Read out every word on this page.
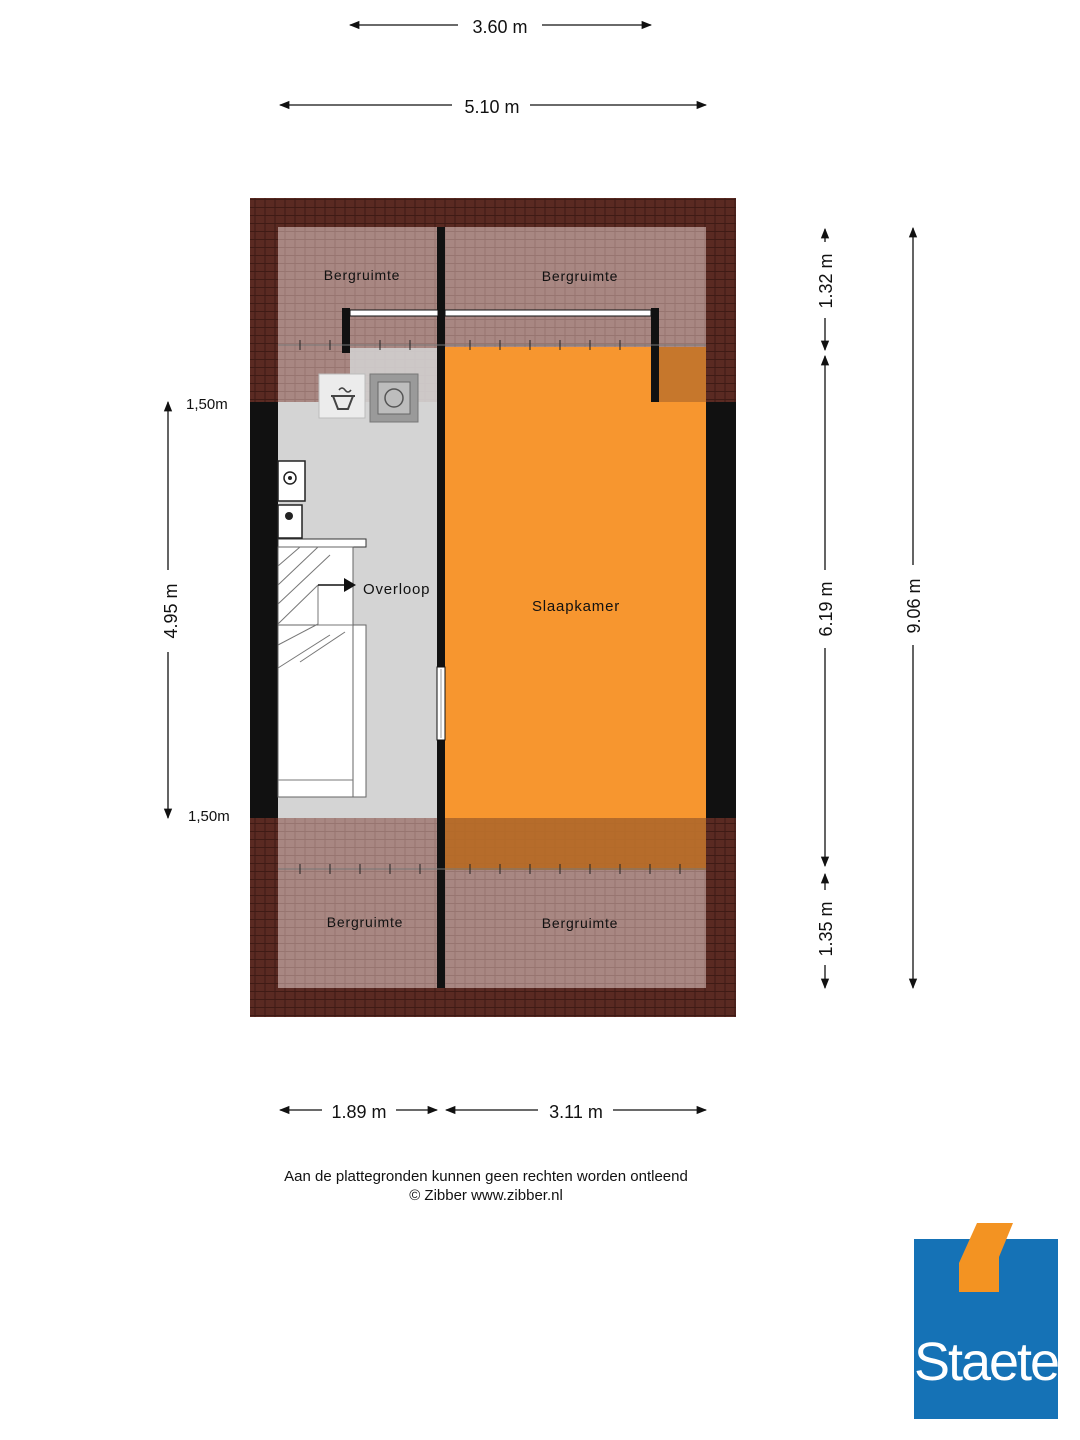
Bergruimte	Bergruimte
Bergruimte	Bergruimte
Overloop
Slaapkamer
3.60 m
5.10 m
1.89 m	3.11 m
1.32 m
6.19 m
1.35 m
9.06 m
4.95 m
1,50m
1,50m
Aan de plattegronden kunnen geen rechten worden ontleend
© Zibber www.zibber.nl
Staete
